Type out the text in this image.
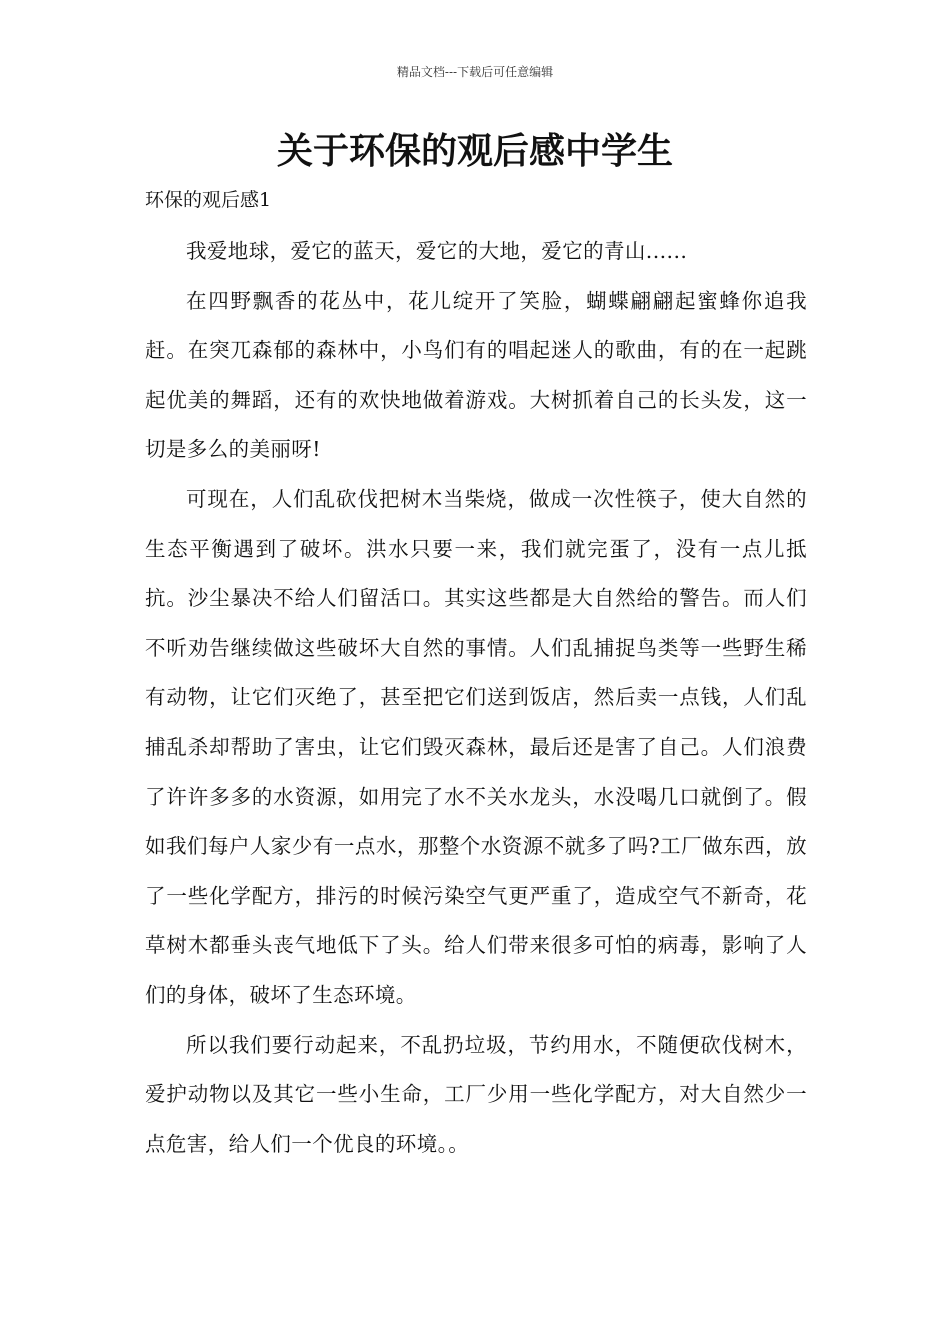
精品文档---下载后可任意编辑
关于环保的观后感中学生
环保的观后感1

我爱地球，爱它的蓝天，爱它的大地，爱它的青山......

在四野飘香的花丛中，花儿绽开了笑脸，蝴蝶翩翩起蜜蜂你追我赶。在突兀森郁的森林中，小鸟们有的唱起迷人的歌曲，有的在一起跳起优美的舞蹈，还有的欢快地做着游戏。大树抓着自己的长头发，这一切是多么的美丽呀!

可现在，人们乱砍伐把树木当柴烧，做成一次性筷子，使大自然的生态平衡遇到了破坏。洪水只要一来，我们就完蛋了，没有一点儿抵抗。沙尘暴决不给人们留活口。其实这些都是大自然给的警告。而人们不听劝告继续做这些破坏大自然的事情。人们乱捕捉鸟类等一些野生稀有动物，让它们灭绝了，甚至把它们送到饭店，然后卖一点钱，人们乱捕乱杀却帮助了害虫，让它们毁灭森林，最后还是害了自己。人们浪费了许许多多的水资源，如用完了水不关水龙头，水没喝几口就倒了。假如我们每户人家少有一点水，那整个水资源不就多了吗?工厂做东西，放了一些化学配方，排污的时候污染空气更严重了，造成空气不新奇，花草树木都垂头丧气地低下了头。给人们带来很多可怕的病毒，影响了人们的身体，破坏了生态环境。

所以我们要行动起来，不乱扔垃圾，节约用水，不随便砍伐树木，爱护动物以及其它一些小生命，工厂少用一些化学配方，对大自然少一点危害，给人们一个优良的环境。。
